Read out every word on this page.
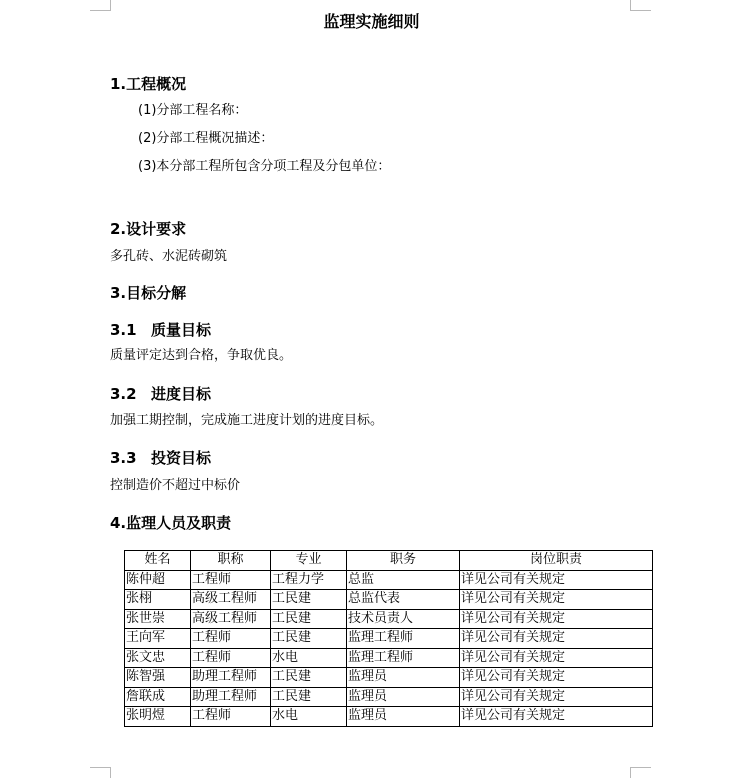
监理实施细则
1.工程概况
(1)分部工程名称：
(2)分部工程概况描述：
(3)本分部工程所包含分项工程及分包单位：
2.设计要求
多孔砖、水泥砖砌筑
3.目标分解
3.1 质量目标
质量评定达到合格，争取优良。
3.2 进度目标
加强工期控制，完成施工进度计划的进度目标。
3.3 投资目标
控制造价不超过中标价
4.监理人员及职责
姓名	职称	专业	职务	岗位职责
陈仲超	工程师	工程力学	总监	详见公司有关规定
张栩	高级工程师	工民建	总监代表	详见公司有关规定
张世崇	高级工程师	工民建	技术员责人	详见公司有关规定
王向军	工程师	工民建	监理工程师	详见公司有关规定
张文忠	工程师	水电	监理工程师	详见公司有关规定
陈智强	助理工程师	工民建	监理员	详见公司有关规定
詹联成	助理工程师	工民建	监理员	详见公司有关规定
张明煜	工程师	水电	监理员	详见公司有关规定
